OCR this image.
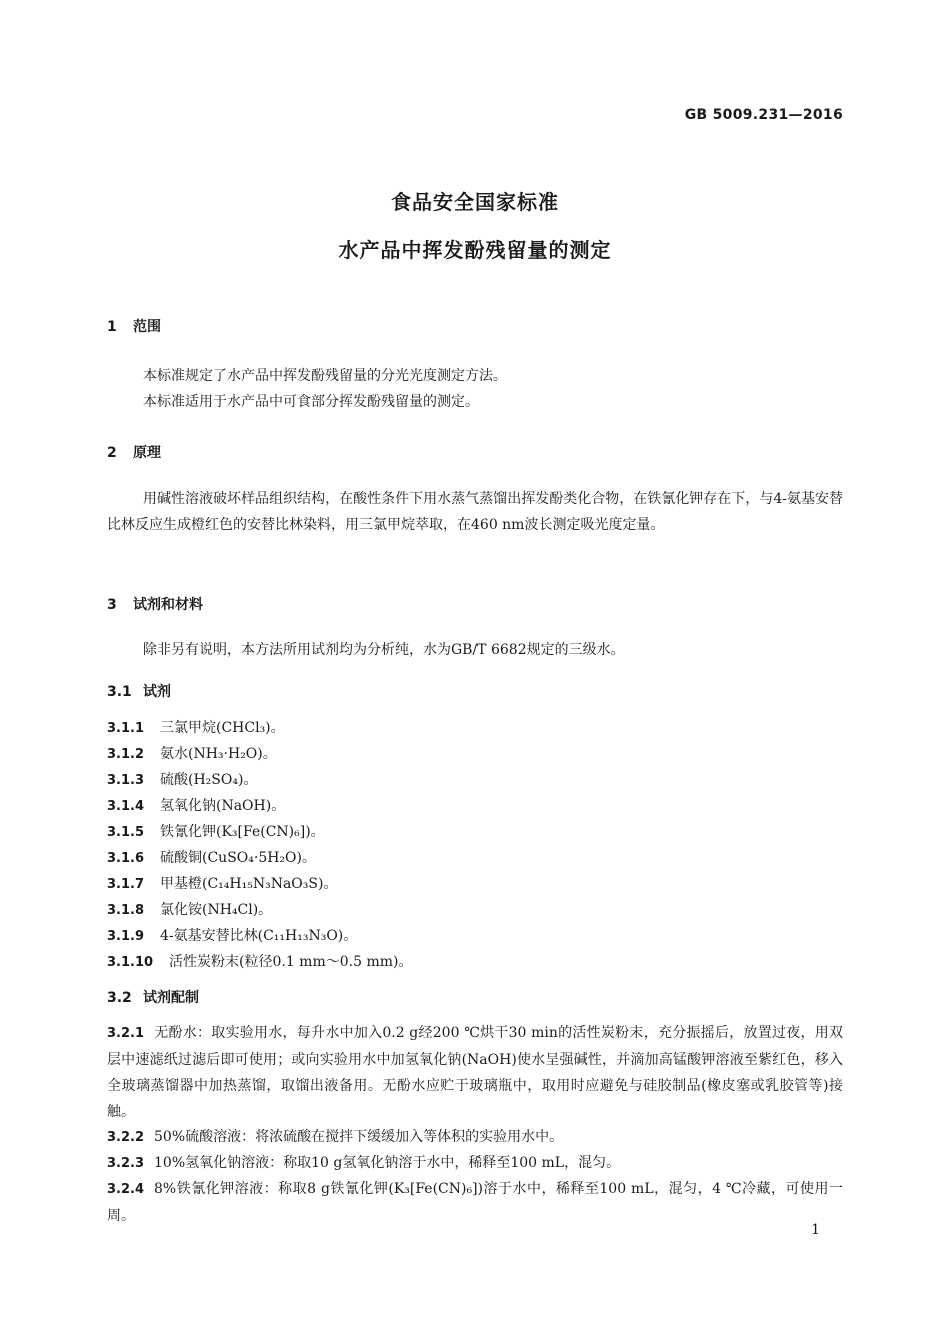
GB 5009.231—2016
食品安全国家标准
水产品中挥发酚残留量的测定
1 范围
本标准规定了水产品中挥发酚残留量的分光光度测定方法。
本标准适用于水产品中可食部分挥发酚残留量的测定。
2 原理
用碱性溶液破坏样品组织结构，在酸性条件下用水蒸气蒸馏出挥发酚类化合物，在铁氰化钾存在下，与4-氨基安替比林反应生成橙红色的安替比林染料，用三氯甲烷萃取，在460 nm波长测定吸光度定量。
3 试剂和材料
除非另有说明，本方法所用试剂均为分析纯，水为GB/T 6682规定的三级水。
3.1 试剂
3.1.1 三氯甲烷(CHCl₃)。
3.1.2 氨水(NH₃·H₂O)。
3.1.3 硫酸(H₂SO₄)。
3.1.4 氢氧化钠(NaOH)。
3.1.5 铁氰化钾(K₃[Fe(CN)₆])。
3.1.6 硫酸铜(CuSO₄·5H₂O)。
3.1.7 甲基橙(C₁₄H₁₅N₃NaO₃S)。
3.1.8 氯化铵(NH₄Cl)。
3.1.9 4-氨基安替比林(C₁₁H₁₃N₃O)。
3.1.10 活性炭粉末(粒径0.1 mm～0.5 mm)。
3.2 试剂配制
3.2.1 无酚水：取实验用水，每升水中加入0.2 g经200 ℃烘干30 min的活性炭粉末，充分振摇后，放置过夜，用双层中速滤纸过滤后即可使用；或向实验用水中加氢氧化钠(NaOH)使水呈强碱性，并滴加高锰酸钾溶液至紫红色，移入全玻璃蒸馏器中加热蒸馏，取馏出液备用。无酚水应贮于玻璃瓶中，取用时应避免与硅胶制品(橡皮塞或乳胶管等)接触。
3.2.2 50%硫酸溶液：将浓硫酸在搅拌下缓缓加入等体积的实验用水中。
3.2.3 10%氢氧化钠溶液：称取10 g氢氧化钠溶于水中，稀释至100 mL，混匀。
3.2.4 8%铁氰化钾溶液：称取8 g铁氰化钾(K₃[Fe(CN)₆])溶于水中，稀释至100 mL，混匀，4 ℃冷藏，可使用一周。
1
